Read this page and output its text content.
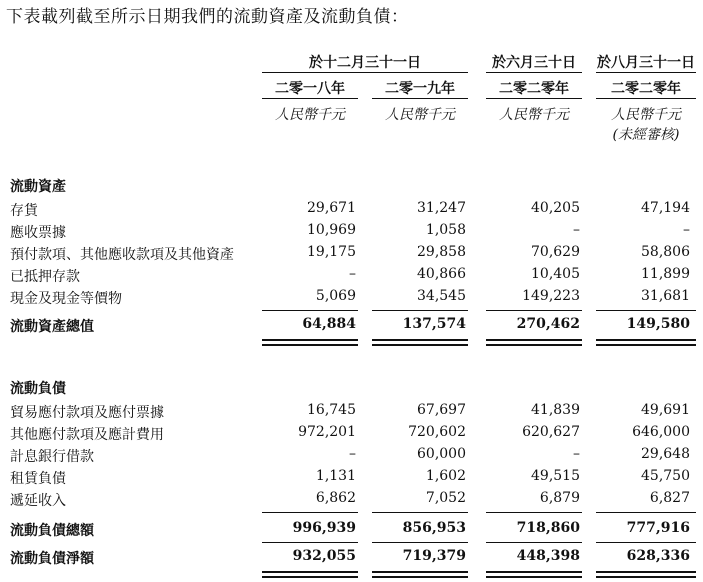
下表載列截至所示日期我們的流動資產及流動負債：
於十二月三十一日	於六月三十日	於八月三十一日
二零一八年	二零一九年	二零二零年	二零二零年
人民幣千元	人民幣千元	人民幣千元	人民幣千元
(未經審核)
流動資產
存貨	29,671	31,247	40,205	47,194
應收票據	10,969	1,058	–	–
預付款項、其他應收款項及其他資產	19,175	29,858	70,629	58,806
已抵押存款	–	40,866	10,405	11,899
現金及現金等價物	5,069	34,545	149,223	31,681
流動資產總值	64,884	137,574	270,462	149,580
流動負債
貿易應付款項及應付票據	16,745	67,697	41,839	49,691
其他應付款項及應計費用	972,201	720,602	620,627	646,000
計息銀行借款	–	60,000	–	29,648
租賃負債	1,131	1,602	49,515	45,750
遞延收入	6,862	7,052	6,879	6,827
流動負債總額	996,939	856,953	718,860	777,916
流動負債淨額	932,055	719,379	448,398	628,336
